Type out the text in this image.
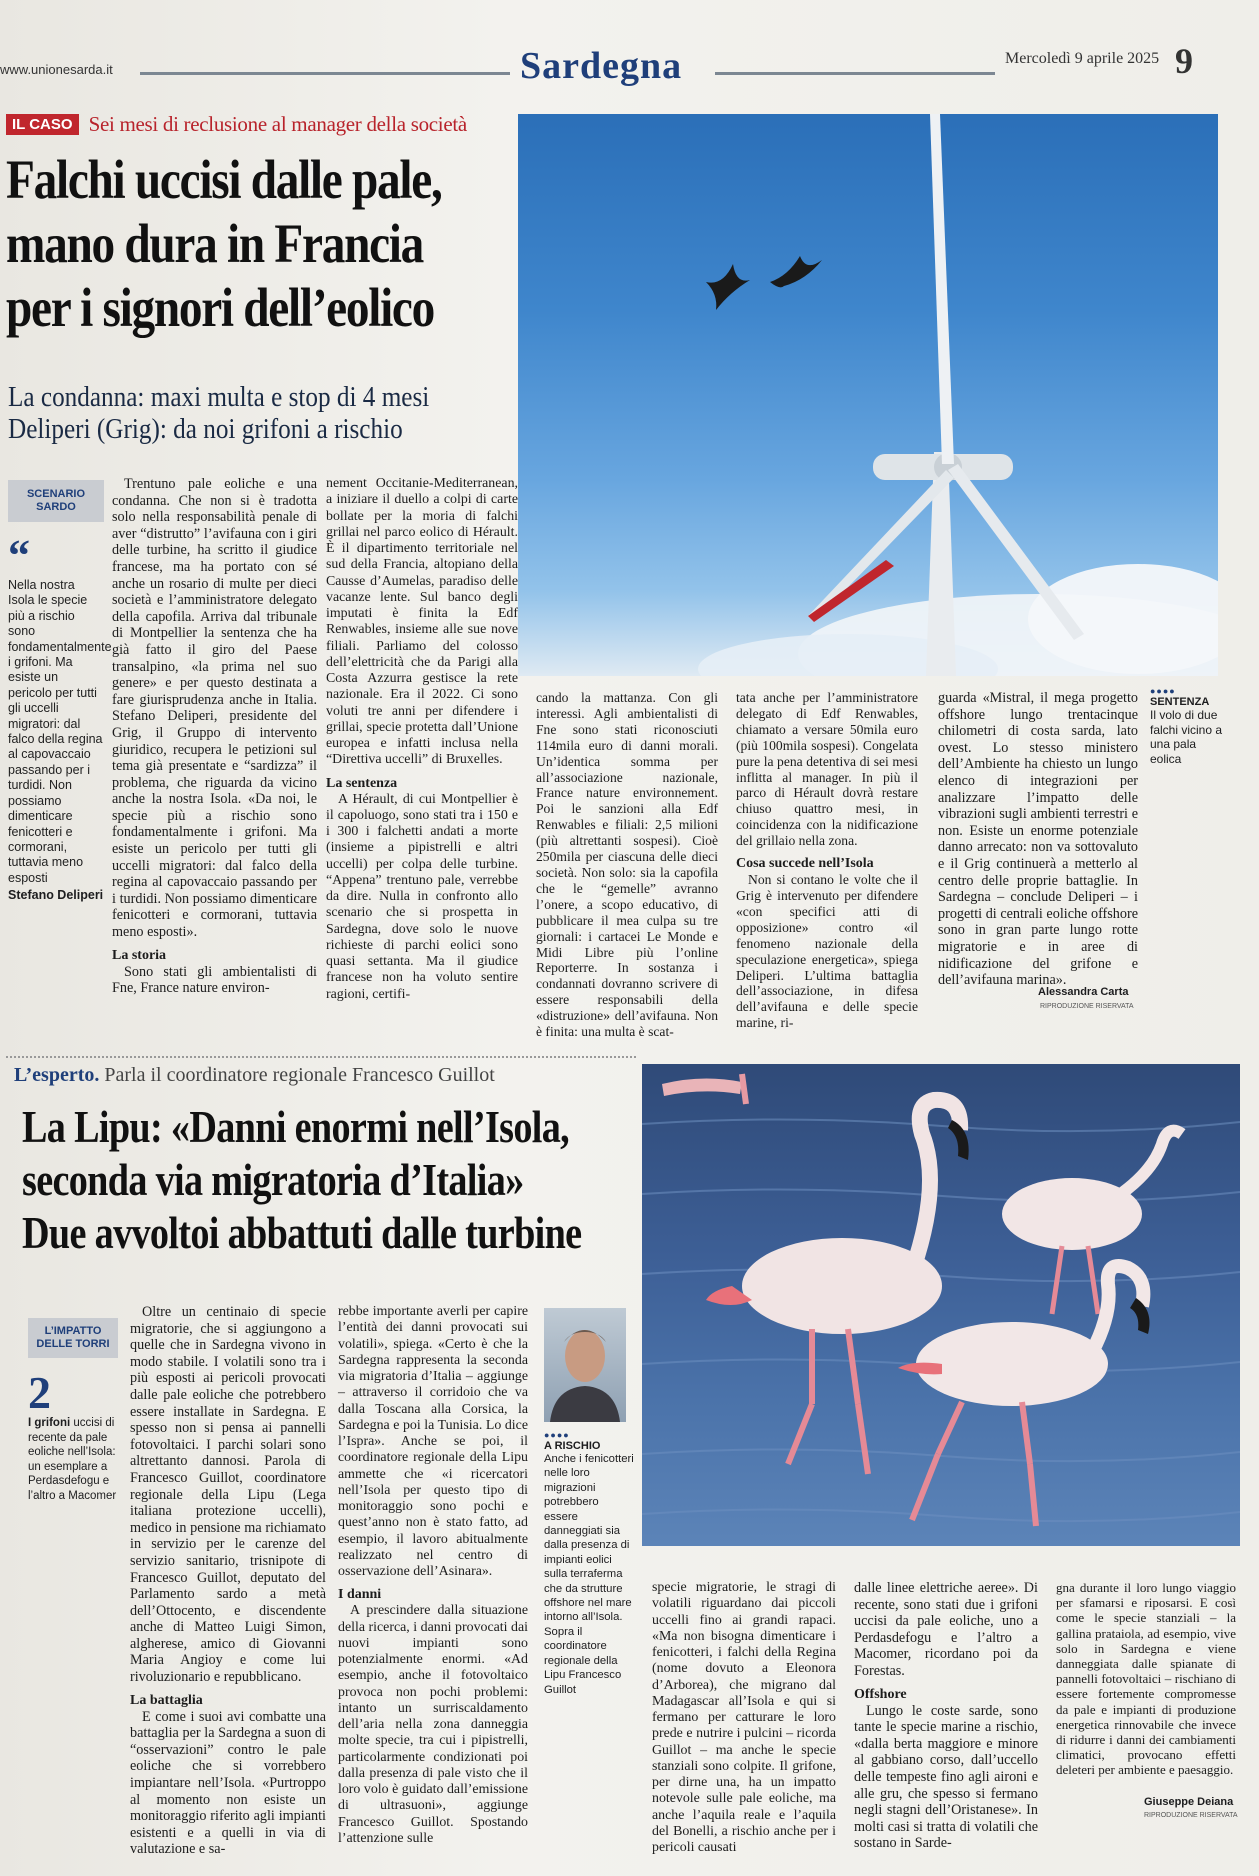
www.unionesarda.it	Sardegna	Mercoledì 9 aprile 2025 9
IL CASO Sei mesi di reclusione al manager della società
Falchi uccisi dalle pale,
mano dura in Francia
per i signori dell’eolico
La condanna: maxi multa e stop di 4 mesi
Deliperi (Grig): da noi grifoni a rischio
SCENARIO SARDO
“
Nella nostra Isola le specie più a rischio sono fondamentalmente i grifoni. Ma esiste un pericolo per tutti gli uccelli migratori: dal falco della regina al capovaccaio passando per i turdidi. Non possiamo dimenticare fenicotteri e cormorani, tuttavia meno esposti
Stefano Deliperi

Trentuno pale eoliche e una condanna. Che non si è tradotta solo nella responsabilità penale di aver “distrutto” l’avifauna con i giri delle turbine, ha scritto il giudice francese, ma ha portato con sé anche un rosario di multe per dieci società e l’amministratore delegato della capofila. Arriva dal tribunale di Montpellier la sentenza che ha già fatto il giro del Paese transalpino, «la prima nel suo genere» e per questo destinata a fare giurisprudenza anche in Italia. Stefano Deliperi, presidente del Grig, il Gruppo di intervento giuridico, recupera le petizioni sul tema già presentate e “sardizza” il problema, che riguarda da vicino anche la nostra Isola. «Da noi, le specie più a rischio sono fondamentalmente i grifoni. Ma esiste un pericolo per tutti gli uccelli migratori: dal falco della regina al capovaccaio passando per i turdidi. Non possiamo dimenticare fenicotteri e cormorani, tuttavia meno esposti».

La storia

Sono stati gli ambientalisti di Fne, France nature environ-

nement Occitanie-Mediterranean, a iniziare il duello a colpi di carte bollate per la moria di falchi grillai nel parco eolico di Hérault. È il dipartimento territoriale nel sud della Francia, altopiano della Causse d’Aumelas, paradiso delle vacanze lente. Sul banco degli imputati è finita la Edf Renwables, insieme alle sue nove filiali. Parliamo del colosso dell’elettricità che da Parigi alla Costa Azzurra gestisce la rete nazionale. Era il 2022. Ci sono voluti tre anni per difendere i grillai, specie protetta dall’Unione europea e infatti inclusa nella “Direttiva uccelli” di Bruxelles.

La sentenza

A Hérault, di cui Montpellier è il capoluogo, sono stati tra i 150 e i 300 i falchetti andati a morte (insieme a pipistrelli e altri uccelli) per colpa delle turbine. “Appena” trentuno pale, verrebbe da dire. Nulla in confronto allo scenario che si prospetta in Sardegna, dove solo le nuove richieste di parchi eolici sono quasi settanta. Ma il giudice francese non ha voluto sentire ragioni, certifi-

cando la mattanza. Con gli interessi. Agli ambientalisti di Fne sono stati riconosciuti 114mila euro di danni morali. Un’identica somma per all’associazione nazionale, France nature environnement. Poi le sanzioni alla Edf Renwables e filiali: 2,5 milioni (più altrettanti sospesi). Cioè 250mila per ciascuna delle dieci società. Non solo: sia la capofila che le “gemelle” avranno l’onere, a scopo educativo, di pubblicare il mea culpa su tre giornali: i cartacei Le Monde e Midi Libre più l’online Reporterre. In sostanza i condannati dovranno scrivere di essere responsabili della «distruzione» dell’avifauna. Non è finita: una multa è scat-

tata anche per l’amministratore delegato di Edf Renwables, chiamato a versare 50mila euro (più 100mila sospesi). Congelata pure la pena detentiva di sei mesi inflitta al manager. In più il parco di Hérault dovrà restare chiuso quattro mesi, in coincidenza con la nidificazione del grillaio nella zona.

Cosa succede nell’Isola

Non si contano le volte che il Grig è intervenuto per difendere «con specifici atti di opposizione» contro «il fenomeno nazionale della speculazione energetica», spiega Deliperi. L’ultima battaglia dell’associazione, in difesa dell’avifauna e delle specie marine, ri-

guarda «Mistral, il mega progetto offshore lungo trentacinque chilometri di costa sarda, lato ovest. Lo stesso ministero dell’Ambiente ha chiesto un lungo elenco di integrazioni per analizzare l’impatto delle vibrazioni sugli ambienti terrestri e non. Esiste un enorme potenziale danno arrecato: non va sottovaluto e il Grig continuerà a metterlo al centro delle proprie battaglie. In Sardegna – conclude Deliperi – i progetti di centrali eoliche offshore sono in gran parte lungo rotte migratorie e in aree di nidificazione del grifone e dell’avifauna marina».

●●●●
SENTENZA
Il volo di due falchi vicino a una pala eolica
Alessandra Carta
RIPRODUZIONE RISERVATA
L’esperto. Parla il coordinatore regionale Francesco Guillot
La Lipu: «Danni enormi nell’Isola,
seconda via migratoria d’Italia»
Due avvoltoi abbattuti dalle turbine
L’IMPATTO DELLE TORRI
2
I grifoni uccisi di recente da pale eoliche nell’Isola: un esemplare a Perdasdefogu e l’altro a Macomer

Oltre un centinaio di specie migratorie, che si aggiungono a quelle che in Sardegna vivono in modo stabile. I volatili sono tra i più esposti ai pericoli provocati dalle pale eoliche che potrebbero essere installate in Sardegna. E spesso non si pensa ai pannelli fotovoltaici. I parchi solari sono altrettanto dannosi. Parola di Francesco Guillot, coordinatore regionale della Lipu (Lega italiana protezione uccelli), medico in pensione ma richiamato in servizio per le carenze del servizio sanitario, trisnipote di Francesco Guillot, deputato del Parlamento sardo a metà dell’Ottocento, e discendente anche di Matteo Luigi Simon, algherese, amico di Giovanni Maria Angioy e come lui rivoluzionario e repubblicano.

La battaglia

E come i suoi avi combatte una battaglia per la Sardegna a suon di “osservazioni” contro le pale eoliche che si vorrebbero impiantare nell’Isola. «Purtroppo al momento non esiste un monitoraggio riferito agli impianti esistenti e a quelli in via di valutazione e sa-

rebbe importante averli per capire l’entità dei danni provocati sui volatili», spiega. «Certo è che la Sardegna rappresenta la seconda via migratoria d’Italia – aggiunge – attraverso il corridoio che va dalla Toscana alla Corsica, la Sardegna e poi la Tunisia. Lo dice l’Ispra». Anche se poi, il coordinatore regionale della Lipu ammette che «i ricercatori nell’Isola per questo tipo di monitoraggio sono pochi e quest’anno non è stato fatto, ad esempio, il lavoro abitualmente realizzato nel centro di osservazione dell’Asinara».

I danni

A prescindere dalla situazione della ricerca, i danni provocati dai nuovi impianti sono potenzialmente enormi. «Ad esempio, anche il fotovoltaico provoca non pochi problemi: intanto un surriscaldamento dell’aria nella zona danneggia molte specie, tra cui i pipistrelli, particolarmente condizionati poi dalla presenza di pale visto che il loro volo è guidato dall’emissione di ultrasuoni», aggiunge Francesco Guillot. Spostando l’attenzione sulle

●●●●
A RISCHIO
Anche i fenicotteri nelle loro migrazioni potrebbero essere danneggiati sia dalla presenza di impianti eolici sulla terraferma che da strutture offshore nel mare intorno all’Isola. Sopra il coordinatore regionale della Lipu Francesco Guillot

specie migratorie, le stragi di volatili riguardano dai piccoli uccelli fino ai grandi rapaci. «Ma non bisogna dimenticare i fenicotteri, i falchi della Regina (nome dovuto a Eleonora d’Arborea), che migrano dal Madagascar all’Isola e qui si fermano per catturare le loro prede e nutrire i pulcini – ricorda Guillot – ma anche le specie stanziali sono colpite. Il grifone, per dirne una, ha un impatto notevole sulle pale eoliche, ma anche l’aquila reale e l’aquila del Bonelli, a rischio anche per i pericoli causati

dalle linee elettriche aeree». Di recente, sono stati due i grifoni uccisi da pale eoliche, uno a Perdasdefogu e l’altro a Macomer, ricordano poi da Forestas.

Offshore

Lungo le coste sarde, sono tante le specie marine a rischio, «dalla berta maggiore e minore al gabbiano corso, dall’uccello delle tempeste fino agli aironi e alle gru, che spesso si fermano negli stagni dell’Oristanese». In molti casi si tratta di volatili che sostano in Sarde-

gna durante il loro lungo viaggio per sfamarsi e riposarsi. E così come le specie stanziali – la gallina prataiola, ad esempio, vive solo in Sardegna e viene danneggiata dalle spianate di pannelli fotovoltaici – rischiano di essere fortemente compromesse da pale e impianti di produzione energetica rinnovabile che invece di ridurre i danni dei cambiamenti climatici, provocano effetti deleteri per ambiente e paesaggio.

Giuseppe Deiana
RIPRODUZIONE RISERVATA
